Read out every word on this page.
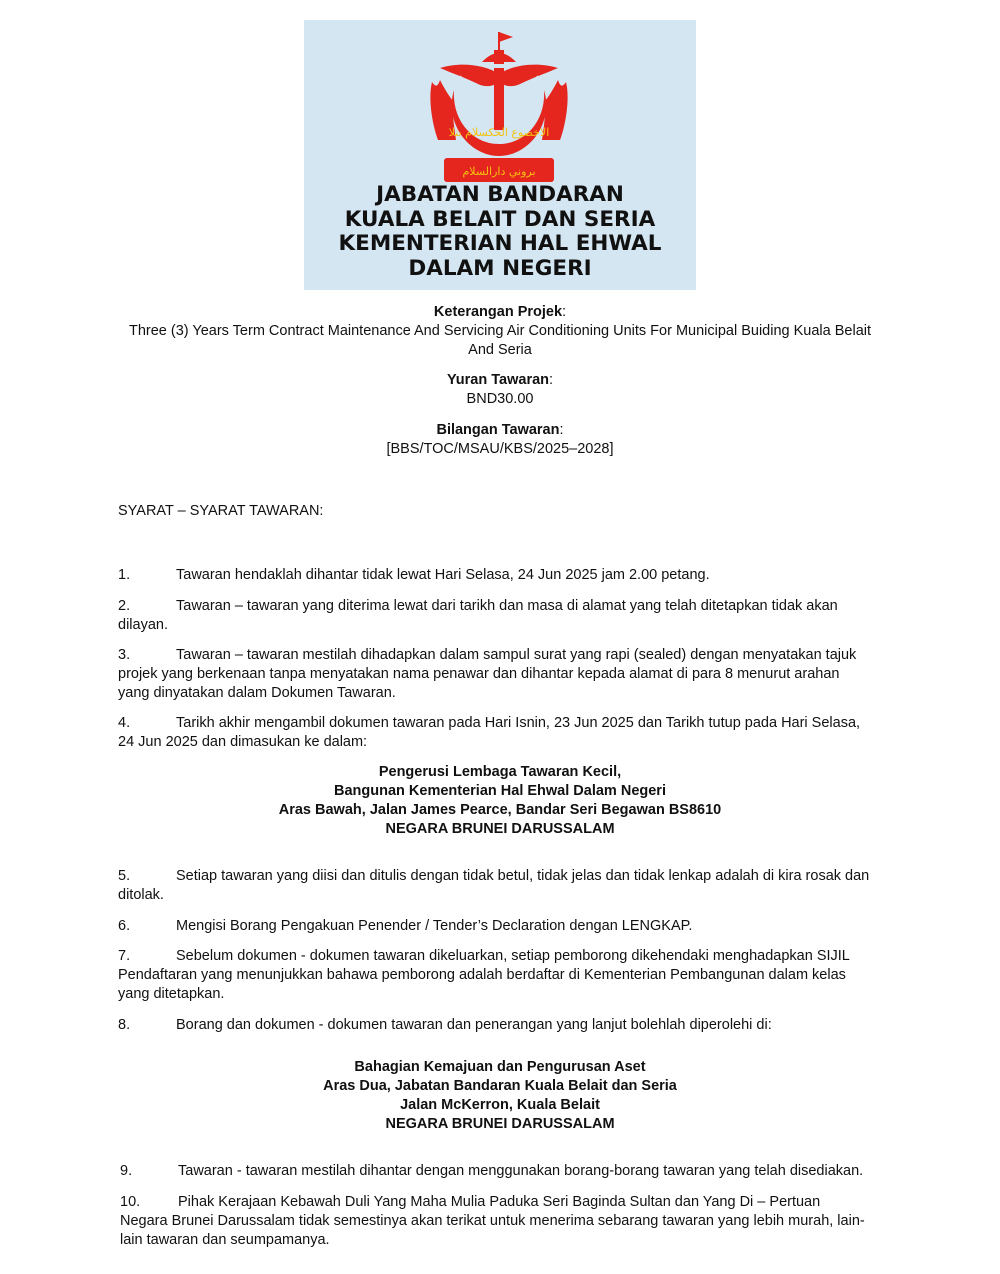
الاخصوع الحكسلام بتلا
بروني دارالسلام
JABATAN BANDARAN
KUALA BELAIT DAN SERIA
KEMENTERIAN HAL EHWAL
DALAM NEGERI
Keterangan Projek:
Three (3) Years Term Contract Maintenance And Servicing Air Conditioning Units For Municipal Buiding Kuala Belait
And Seria
Yuran Tawaran:
BND30.00
Bilangan Tawaran:
[BBS/TOC/MSAU/KBS/2025–2028]
SYARAT – SYARAT TAWARAN:
1.	Tawaran hendaklah dihantar tidak lewat Hari Selasa, 24 Jun 2025 jam 2.00 petang.
2.	Tawaran – tawaran yang diterima lewat dari tarikh dan masa di alamat yang telah ditetapkan tidak akan
dilayan.
3.	Tawaran – tawaran mestilah dihadapkan dalam sampul surat yang rapi (sealed) dengan menyatakan tajuk
projek yang berkenaan tanpa menyatakan nama penawar dan dihantar kepada alamat di para 8 menurut arahan
yang dinyatakan dalam Dokumen Tawaran.
4.	Tarikh akhir mengambil dokumen tawaran pada Hari Isnin, 23 Jun 2025 dan Tarikh tutup pada Hari Selasa,
24 Jun 2025 dan dimasukan ke dalam:
Pengerusi Lembaga Tawaran Kecil,
Bangunan Kementerian Hal Ehwal Dalam Negeri
Aras Bawah, Jalan James Pearce, Bandar Seri Begawan BS8610
NEGARA BRUNEI DARUSSALAM
5.	Setiap tawaran yang diisi dan ditulis dengan tidak betul, tidak jelas dan tidak lenkap adalah di kira rosak dan
ditolak.
6.	Mengisi Borang Pengakuan Penender / Tender’s Declaration dengan LENGKAP.
7.	Sebelum dokumen - dokumen tawaran dikeluarkan, setiap pemborong dikehendaki menghadapkan SIJIL
Pendaftaran yang menunjukkan bahawa pemborong adalah berdaftar di Kementerian Pembangunan dalam kelas
yang ditetapkan.
8.	Borang dan dokumen - dokumen tawaran dan penerangan yang lanjut bolehlah diperolehi di:
Bahagian Kemajuan dan Pengurusan Aset
Aras Dua, Jabatan Bandaran Kuala Belait dan Seria
Jalan McKerron, Kuala Belait
NEGARA BRUNEI DARUSSALAM
9.	Tawaran - tawaran mestilah dihantar dengan menggunakan borang-borang tawaran yang telah disediakan.
10.	Pihak Kerajaan Kebawah Duli Yang Maha Mulia Paduka Seri Baginda Sultan dan Yang Di – Pertuan
Negara Brunei Darussalam tidak semestinya akan terikat untuk menerima sebarang tawaran yang lebih murah, lain-
lain tawaran dan seumpamanya.
